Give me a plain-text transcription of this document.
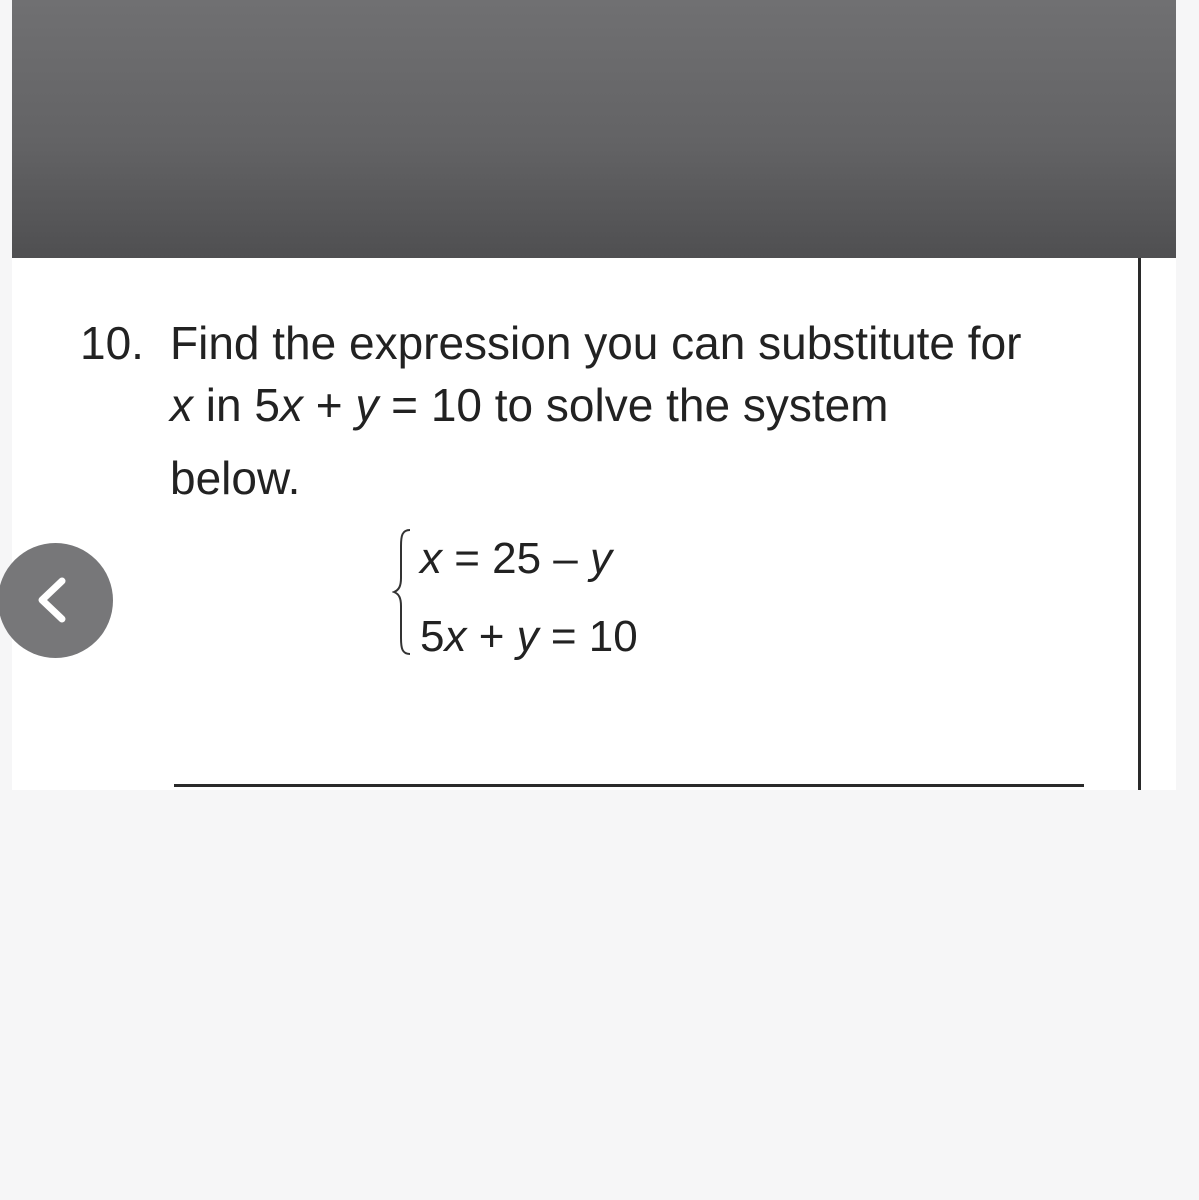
10. Find the expression you can substitute for
x in 5x + y = 10 to solve the system
below.
x = 25 – y
5x + y = 10
